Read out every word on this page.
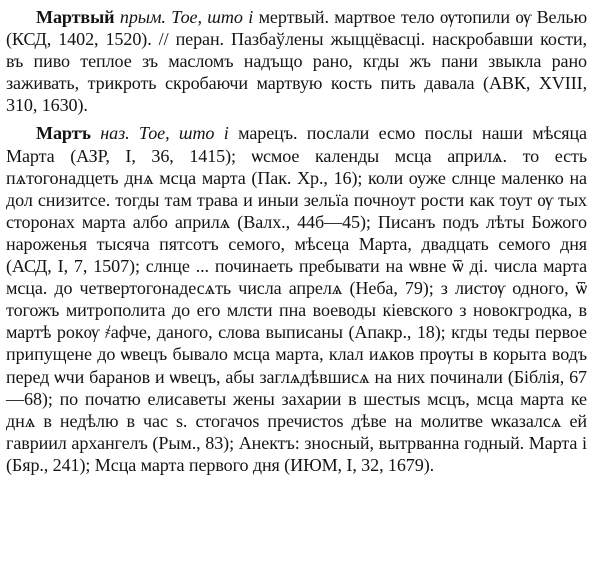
Мартвый прым. Тое, што і мертвый. мартвое тело ѹтопили ѹ Велью (КСД, 1402, 1520). // перан. Пазбаўлены жыццёвасці. наскробавши кости, въ пиво теплое зъ масломъ надъщо рано, кгды жъ пани звыкла рано заживать, трикроть скробаючи мартвую кость пить давала (АВК, XVIII, 310, 1630).

Мартъ наз. Тое, што і марецъ. послали есмо послы наши мѣсяца Марта (АЗР, I, 36, 1415); ѡсмое календы мсца априлѧ. то есть пѧтогонадцеть днѧ мсца марта (Пак. Хр., 16); коли оуже слнце маленко на дол снизитсе. тогды там трава и иныи зельїа почноут рости как тоут ѹ тых сторонах марта албо априлѧ (Валх., 44б—45); Писанъ подъ лѣты Божого нароженья тысяча пятсотъ семого, мѣсеца Марта, двадцать семого дня (АСД, I, 7, 1507); слнце ... починаеть пребывати на ѡвне ѿ ді. числа марта мсца. до четвертогонадесѧть числа апрелѧ (Неба, 79); з листѹ одного, ѿ тогожъ митрополита до его млсти пна воеводы кіевского з новокгродка, в мартѣ рокѹ ҂афче, даного, слова выписаны (Апакр., 18); кгды теды первое припущене до ѡвецъ бывало мсца марта, клал иѧков прѹты в корыта водъ перед ѡчи баранов и ѡвецъ, абы заглѧдѣвшисѧ на них починали (Біблія, 67—68); по початю елисаветы жены захарии в шестыs мсцъ, мсца марта ке днѧ в недѣлю в час ѕ. стогачоs пречистоs дѣве на молитве ѡказалсѧ ей гавриил архангелъ (Рым., 83); Анектъ: зносный, вытрванна годный. Марта і (Бяр., 241); Мсца марта первого дня (ИЮМ, I, 32, 1679).
